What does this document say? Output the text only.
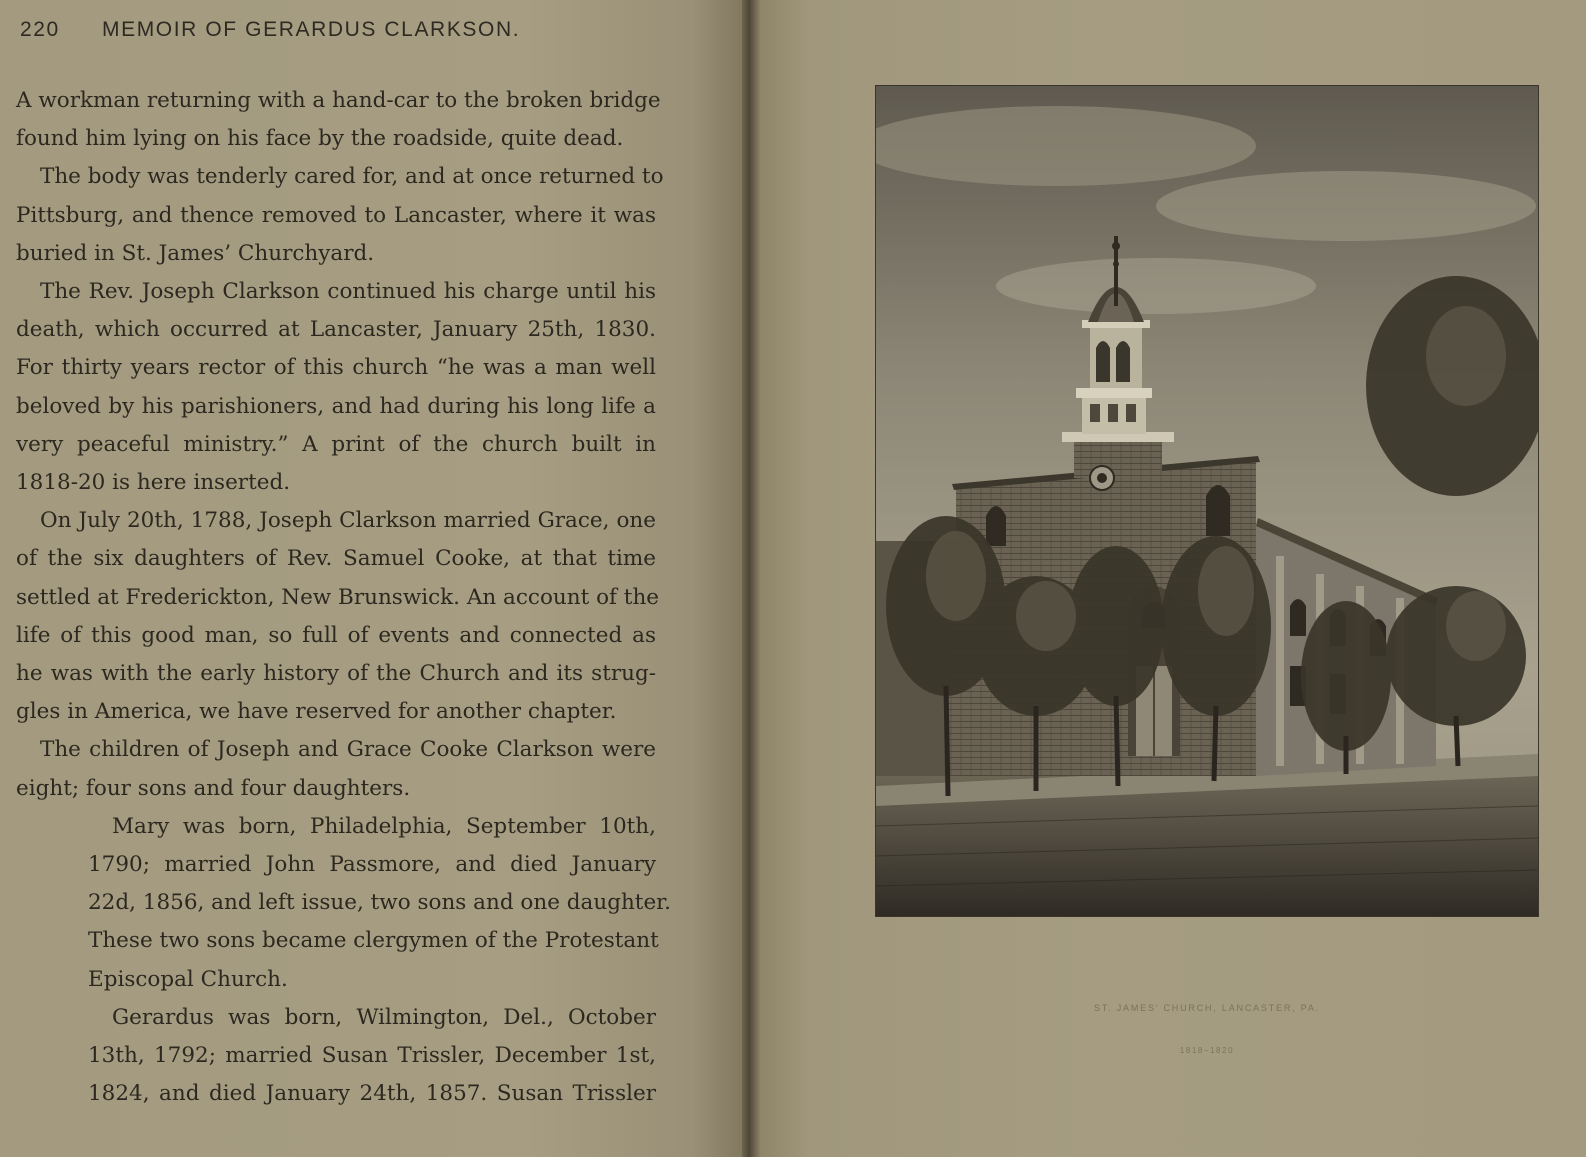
220 MEMOIR OF GERARDUS CLARKSON.

A workman returning with a hand-car to the broken bridge
found him lying on his face by the roadside, quite dead.

The body was tenderly cared for, and at once returned to
Pittsburg, and thence removed to Lancaster, where it was
buried in St. James’ Churchyard.

The Rev. Joseph Clarkson continued his charge until his
death, which occurred at Lancaster, January 25th, 1830.
For thirty years rector of this church “he was a man well
beloved by his parishioners, and had during his long life a
very peaceful ministry.” A print of the church built in
1818-20 is here inserted.

On July 20th, 1788, Joseph Clarkson married Grace, one
of the six daughters of Rev. Samuel Cooke, at that time
settled at Frederickton, New Brunswick. An account of the
life of this good man, so full of events and connected as
he was with the early history of the Church and its strug-
gles in America, we have reserved for another chapter.

The children of Joseph and Grace Cooke Clarkson were
eight; four sons and four daughters.

Mary was born, Philadelphia, September 10th,
1790; married John Passmore, and died January
22d, 1856, and left issue, two sons and one daughter.
These two sons became clergymen of the Protestant
Episcopal Church.

Gerardus was born, Wilmington, Del., October
13th, 1792; married Susan Trissler, December 1st,
1824, and died January 24th, 1857. Susan Trissler

ST. JAMES’ CHURCH, LANCASTER, PA.
1818–1820
